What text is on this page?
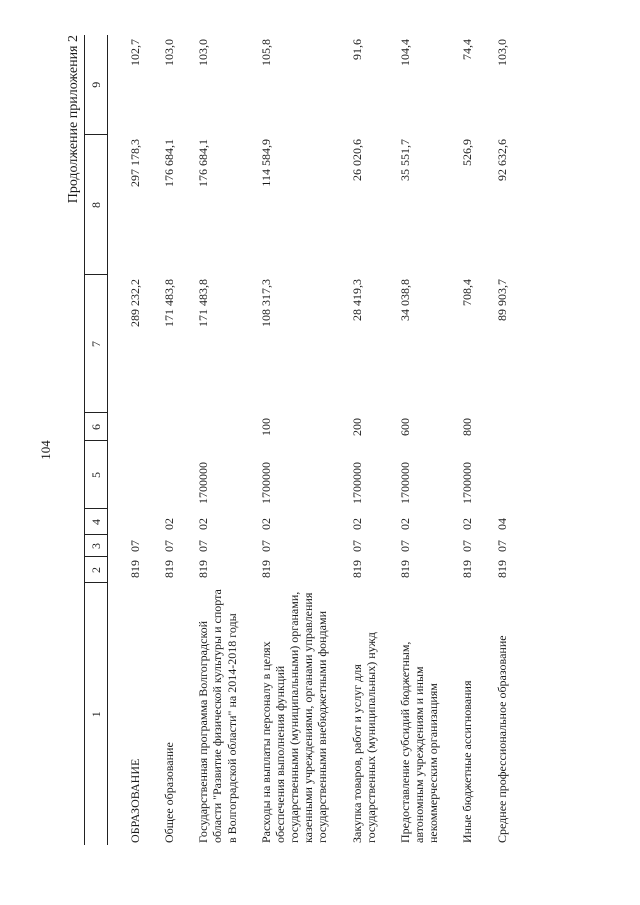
104
Продолжение приложения 2
1	2	3	4	5	6	7	8	9

ОБРАЗОВАНИЕ	819	07				289 232,2	297 178,3	102,7

Общее образование	819	07	02			171 483,8	176 684,1	103,0

Государственная программа Волгоградской области "Развитие физической культуры и спорта в Волгоградской области" на 2014-2018 годы	819	07	02	1700000		171 483,8	176 684,1	103,0

Расходы на выплаты персоналу в целях обеспечения выполнения функций государственными (муниципальными) органами, казенными учреждениями, органами управления государственными внебюджетными фондами	819	07	02	1700000	100	108 317,3	114 584,9	105,8

Закупка товаров, работ и услуг для государственных (муниципальных) нужд	819	07	02	1700000	200	28 419,3	26 020,6	91,6

Предоставление субсидий бюджетным, автономным учреждениям и иным некоммерческим организациям	819	07	02	1700000	600	34 038,8	35 551,7	104,4

Иные бюджетные ассигнования	819	07	02	1700000	800	708,4	526,9	74,4

Среднее профессиональное образование	819	07	04			89 903,7	92 632,6	103,0
